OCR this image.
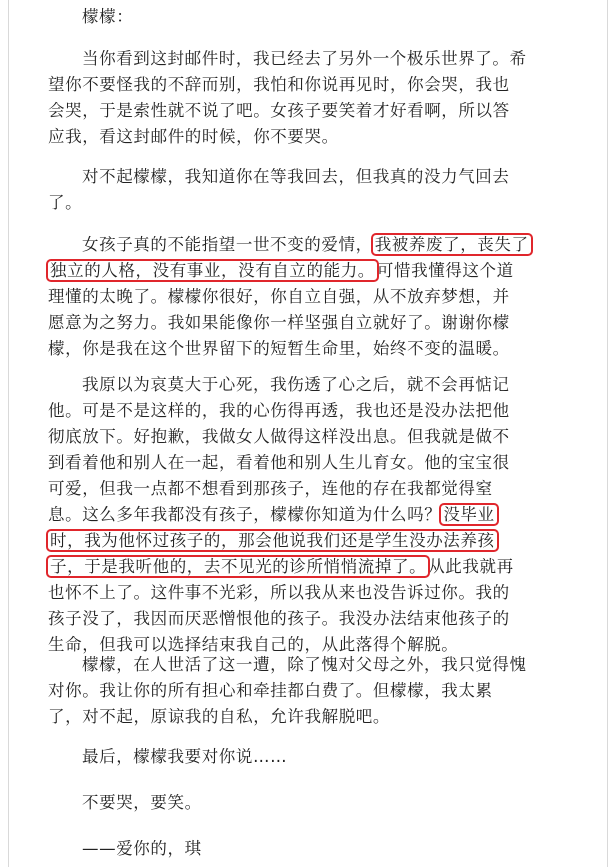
檬檬：
当你看到这封邮件时，我已经去了另外一个极乐世界了。希
望你不要怪我的不辞而别，我怕和你说再见时，你会哭，我也
会哭，于是索性就不说了吧。女孩子要笑着才好看啊，所以答
应我，看这封邮件的时候，你不要哭。
对不起檬檬，我知道你在等我回去，但我真的没力气回去
了。
女孩子真的不能指望一世不变的爱情， 我被养废了，丧失了
独立的人格，没有事业，没有自立的能力。 可惜我懂得这个道
理懂的太晚了。檬檬你很好，你自立自强，从不放弃梦想，并
愿意为之努力。我如果能像你一样坚强自立就好了。谢谢你檬
檬，你是我在这个世界留下的短暂生命里，始终不变的温暖。
我原以为哀莫大于心死，我伤透了心之后，就不会再惦记
他。可是不是这样的，我的心伤得再透，我也还是没办法把他
彻底放下。好抱歉，我做女人做得这样没出息。但我就是做不
到看着他和别人在一起，看着他和别人生儿育女。他的宝宝很
可爱，但我一点都不想看到那孩子，连他的存在我都觉得窒
息。这么多年我都没有孩子，檬檬你知道为什么吗？ 没毕业
时，我为他怀过孩子的，那会他说我们还是学生没办法养孩
子，于是我听他的，去不见光的诊所悄悄流掉了。 从此我就再
也怀不上了。这件事不光彩，所以我从来也没告诉过你。我的
孩子没了，我因而厌恶憎恨他的孩子。我没办法结束他孩子的
生命，但我可以选择结束我自己的，从此落得个解脱。
檬檬，在人世活了这一遭，除了愧对父母之外，我只觉得愧
对你。我让你的所有担心和牵挂都白费了。但檬檬，我太累
了，对不起，原谅我的自私，允许我解脱吧。
最后，檬檬我要对你说……
不要哭，要笑。
——爱你的，琪
